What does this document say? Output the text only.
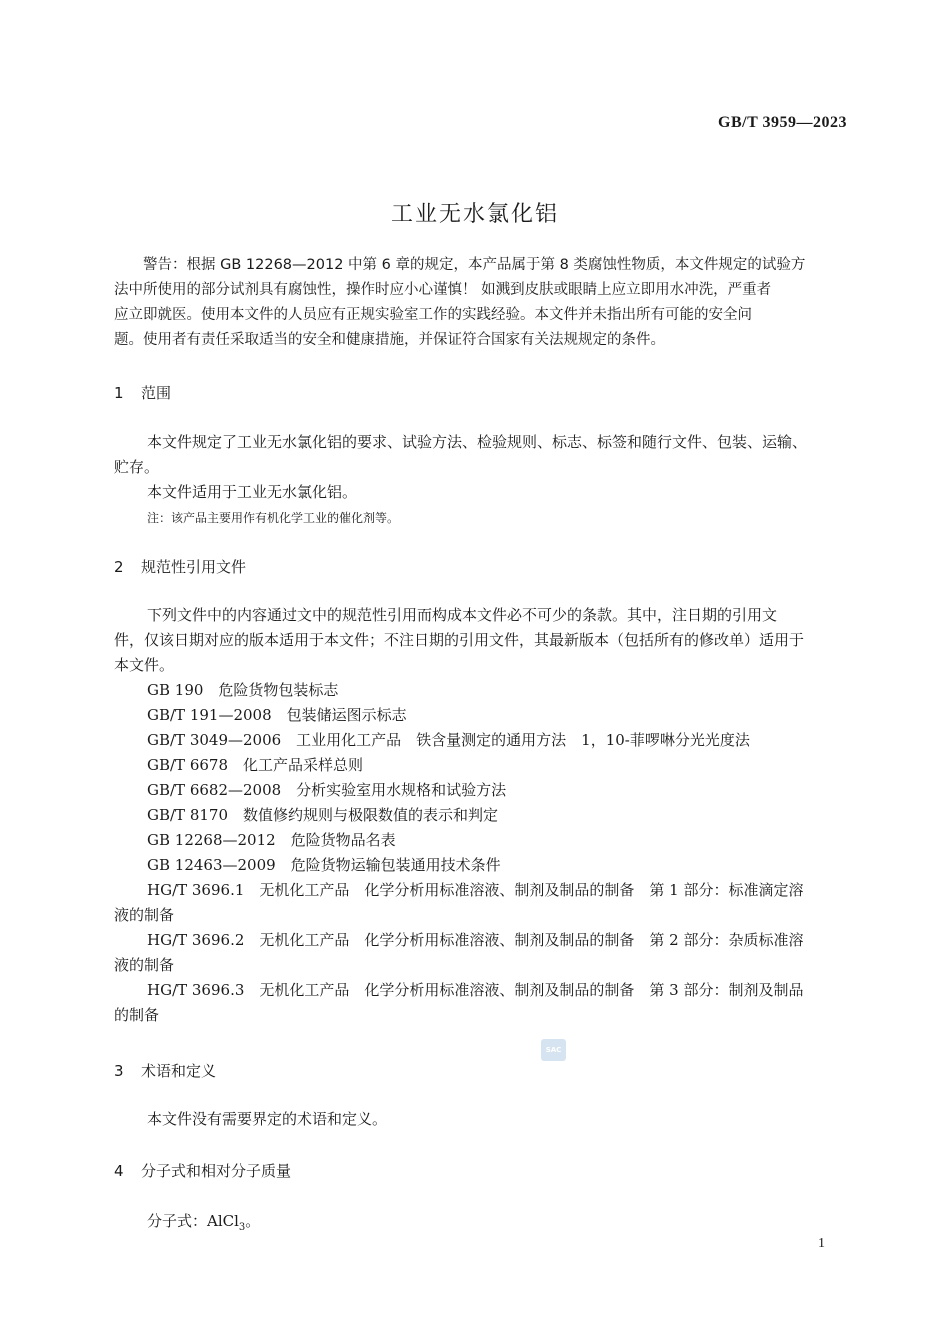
GB/T 3959—2023
工业无水氯化铝
　　警告：根据 GB 12268—2012 中第 6 章的规定，本产品属于第 8 类腐蚀性物质，本文件规定的试验方
法中所使用的部分试剂具有腐蚀性，操作时应小心谨慎！ 如溅到皮肤或眼睛上应立即用水冲洗，严重者
应立即就医。使用本文件的人员应有正规实验室工作的实践经验。本文件并未指出所有可能的安全问
题。使用者有责任采取适当的安全和健康措施，并保证符合国家有关法规规定的条件。
1 范围
本文件规定了工业无水氯化铝的要求、试验方法、检验规则、标志、标签和随行文件、包装、运输、
贮存。
本文件适用于工业无水氯化铝。
注：该产品主要用作有机化学工业的催化剂等。
2 规范性引用文件
下列文件中的内容通过文中的规范性引用而构成本文件必不可少的条款。其中，注日期的引用文
件，仅该日期对应的版本适用于本文件；不注日期的引用文件，其最新版本（包括所有的修改单）适用于
本文件。
GB 190　危险货物包装标志
GB/T 191—2008　包装储运图示标志
GB/T 3049—2006　工业用化工产品　铁含量测定的通用方法　1，10-菲啰啉分光光度法
GB/T 6678　化工产品采样总则
GB/T 6682—2008　分析实验室用水规格和试验方法
GB/T 8170　数值修约规则与极限数值的表示和判定
GB 12268—2012　危险货物品名表
GB 12463—2009　危险货物运输包装通用技术条件
HG/T 3696.1　无机化工产品　化学分析用标准溶液、制剂及制品的制备　第 1 部分：标准滴定溶
液的制备
HG/T 3696.2　无机化工产品　化学分析用标准溶液、制剂及制品的制备　第 2 部分：杂质标准溶
液的制备
HG/T 3696.3　无机化工产品　化学分析用标准溶液、制剂及制品的制备　第 3 部分：制剂及制品
的制备
SAC
3 术语和定义
本文件没有需要界定的术语和定义。
4 分子式和相对分子质量
分子式：AlCl$_3$。
1
